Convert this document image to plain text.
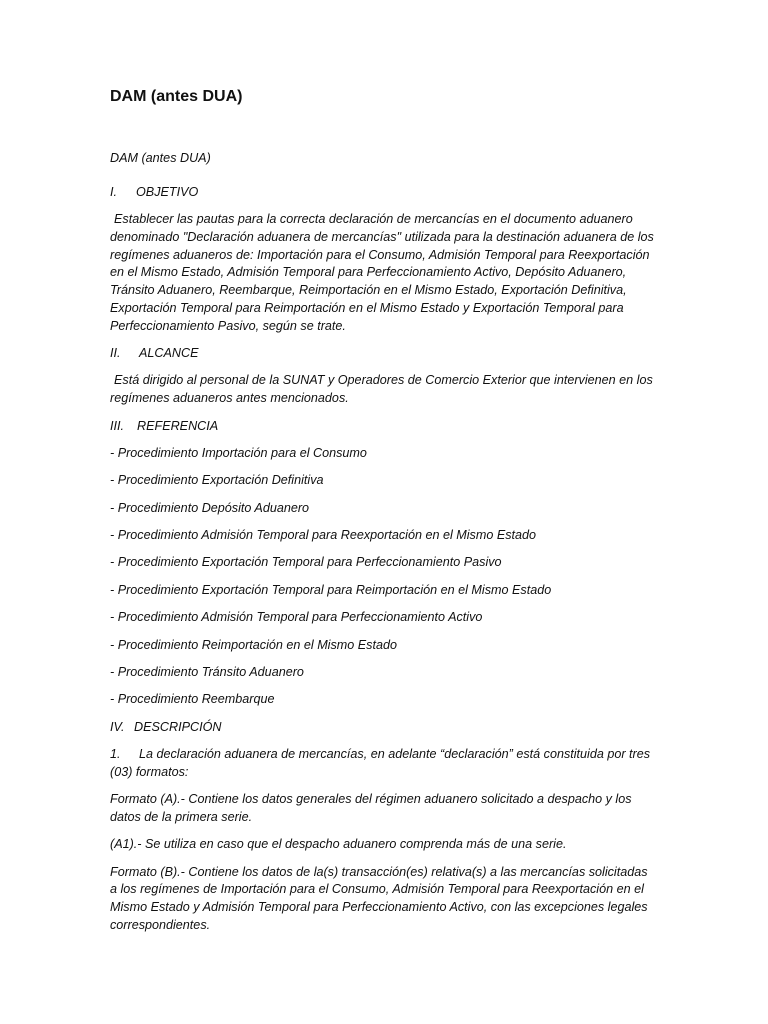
DAM (antes DUA)

DAM (antes DUA)

I. OBJETIVO

Establecer las pautas para la correcta declaración de mercancías en el documento aduanero denominado "Declaración aduanera de mercancías" utilizada para la destinación aduanera de los regímenes aduaneros de: Importación para el Consumo, Admisión Temporal para Reexportación en el Mismo Estado, Admisión Temporal para Perfeccionamiento Activo, Depósito Aduanero, Tránsito Aduanero, Reembarque, Reimportación en el Mismo Estado, Exportación Definitiva, Exportación Temporal para Reimportación en el Mismo Estado y Exportación Temporal para Perfeccionamiento Pasivo, según se trate.

II. ALCANCE

Está dirigido al personal de la SUNAT y Operadores de Comercio Exterior que intervienen en los regímenes aduaneros antes mencionados.

III. REFERENCIA

- Procedimiento Importación para el Consumo
- Procedimiento Exportación Definitiva
- Procedimiento Depósito Aduanero
- Procedimiento Admisión Temporal para Reexportación en el Mismo Estado
- Procedimiento Exportación Temporal para Perfeccionamiento Pasivo
- Procedimiento Exportación Temporal para Reimportación en el Mismo Estado
- Procedimiento Admisión Temporal para Perfeccionamiento Activo
- Procedimiento Reimportación en el Mismo Estado
- Procedimiento Tránsito Aduanero
- Procedimiento Reembarque

IV. DESCRIPCIÓN

1. La declaración aduanera de mercancías, en adelante “declaración” está constituida por tres (03) formatos:

Formato (A).- Contiene los datos generales del régimen aduanero solicitado a despacho y los datos de la primera serie.

(A1).- Se utiliza en caso que el despacho aduanero comprenda más de una serie.

Formato (B).- Contiene los datos de la(s) transacción(es) relativa(s) a las mercancías solicitadas a los regímenes de Importación para el Consumo, Admisión Temporal para Reexportación en el Mismo Estado y Admisión Temporal para Perfeccionamiento Activo, con las excepciones legales correspondientes.
